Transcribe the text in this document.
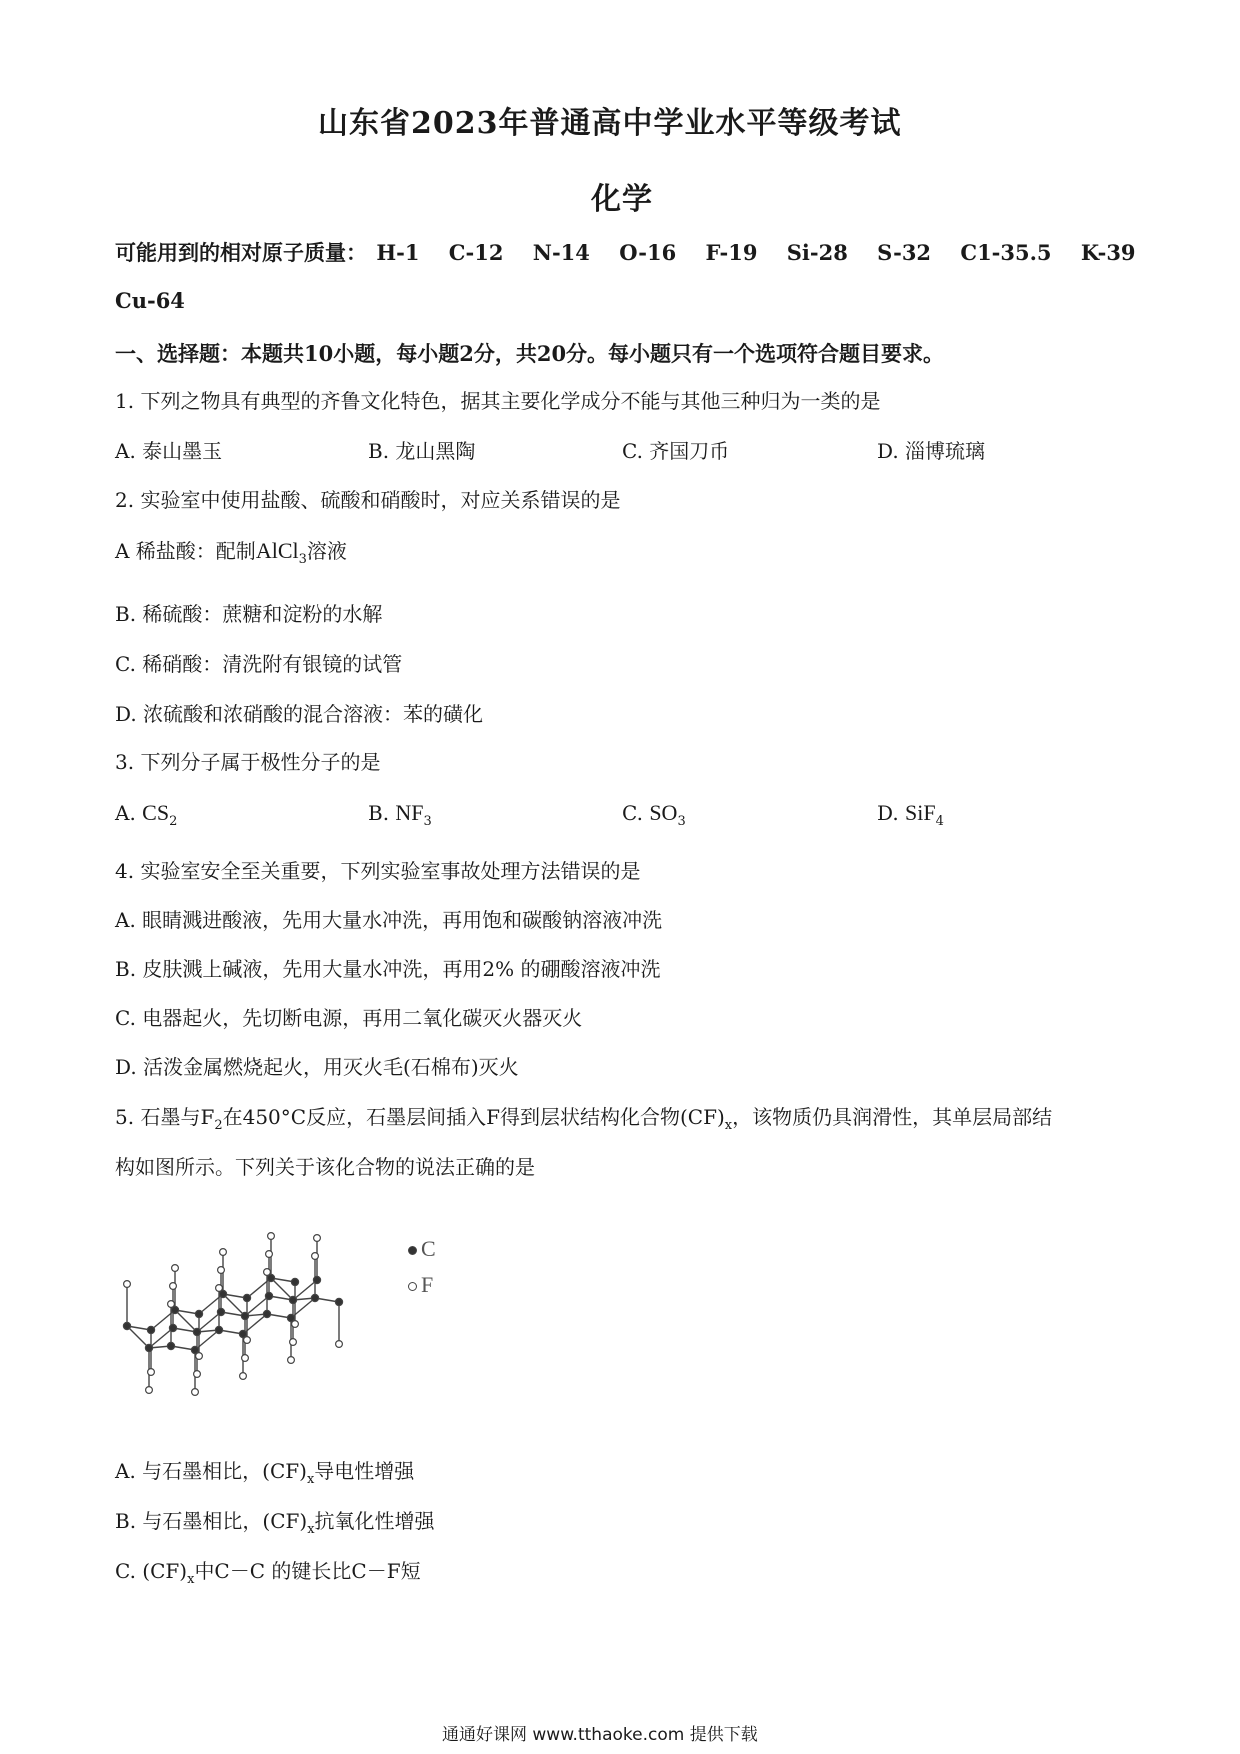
山东省2023年普通高中学业水平等级考试
化学
可能用到的相对原子质量： H-1 C-12 N-14 O-16 F-19 Si-28 S-32 C1-35.5 K-39
Cu-64
一、选择题：本题共10小题，每小题2分，共20分。每小题只有一个选项符合题目要求。
1. 下列之物具有典型的齐鲁文化特色，据其主要化学成分不能与其他三种归为一类的是
A. 泰山墨玉	B. 龙山黑陶	C. 齐国刀币	D. 淄博琉璃
2. 实验室中使用盐酸、硫酸和硝酸时，对应关系错误的是
A 稀盐酸：配制AlCl$_3$溶液
B. 稀硫酸：蔗糖和淀粉的水解
C. 稀硝酸：清洗附有银镜的试管
D. 浓硫酸和浓硝酸的混合溶液：苯的磺化
3. 下列分子属于极性分子的是
A. $CS_2$	B. $NF_3$	C. $SO_3$	D. SiF$_4$
4. 实验室安全至关重要，下列实验室事故处理方法错误的是
A. 眼睛溅进酸液，先用大量水冲洗，再用饱和碳酸钠溶液冲洗
B. 皮肤溅上碱液，先用大量水冲洗，再用2% 的硼酸溶液冲洗
C. 电器起火，先切断电源，再用二氧化碳灭火器灭火
D. 活泼金属燃烧起火，用灭火毛(石棉布)灭火
5. 石墨与$F_2$在450°C反应，石墨层间插入F得到层状结构化合物$(CF)_x$，该物质仍具润滑性，其单层局部结
构如图所示。下列关于该化合物的说法正确的是
C
F
A. 与石墨相比，$(CF)_x$导电性增强
B. 与石墨相比，$(CF)_x$抗氧化性增强
C. $(CF)_x$中C－C 的键长比C－F短
通通好课网 www.tthaoke.com 提供下载
